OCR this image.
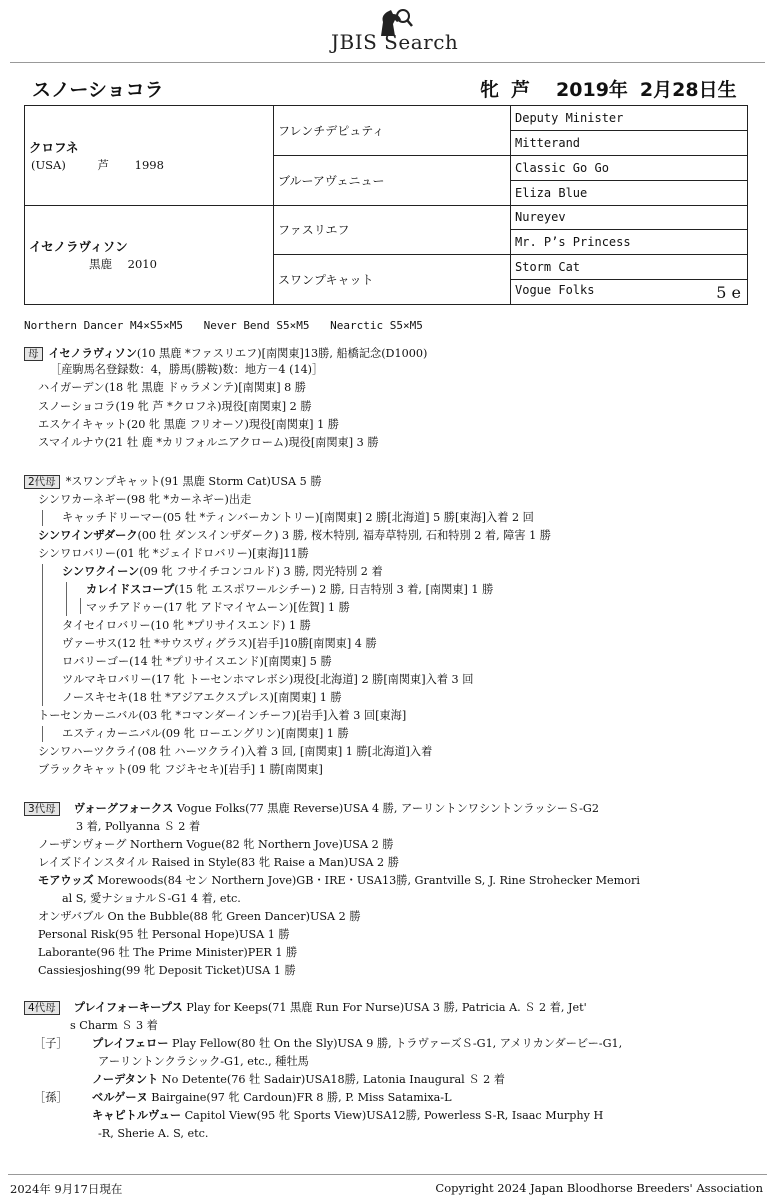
JBIS Search
スノーショコラ	牝 芦 2019年 2月28日生
クロフネ
(USA) 芦 1998	フレンチデピュティ	Deputy Minister
		Mitterand
	ブルーアヴェニュー	Classic Go Go
		Eliza Blue

イセノラヴィソン
黒鹿 2010	ファスリエフ	Nureyev
		Mr. P’s Princess
	スワンプキャット	Storm Cat
		Vogue Folks 5 e
Northern Dancer M4×S5×M5 Never Bend S5×M5 Nearctic S5×M5
母 イセノラヴィソン(10 黒鹿 *ファスリエフ)[南関東]13勝, 船橋記念(D1000)
［産駒馬名登録数：4，勝馬(勝鞍)数：地方－4 (14)］
ハイガーデン(18 牝 黒鹿 ドゥラメンテ)[南関東] 8 勝
スノーショコラ(19 牝 芦 *クロフネ)現役[南関東] 2 勝
エスケイキャット(20 牝 黒鹿 フリオーソ)現役[南関東] 1 勝
スマイルナウ(21 牡 鹿 *カリフォルニアクローム)現役[南関東] 3 勝
2代母 *スワンプキャット(91 黒鹿 Storm Cat)USA 5 勝
シンワカーネギー(98 牝 *カーネギー)出走
キャッチドリーマー(05 牡 *ティンバーカントリー)[南関東] 2 勝[北海道] 5 勝[東海]入着 2 回
シンワインザダーク(00 牡 ダンスインザダーク) 3 勝, 桜木特別, 福寿草特別, 石和特別 2 着, 障害 1 勝
シンワロバリー(01 牝 *ジェイドロバリー)[東海]11勝
シンワクイーン(09 牝 フサイチコンコルド) 3 勝, 閃光特別 2 着
カレイドスコープ(15 牝 エスポワールシチー) 2 勝, 日吉特別 3 着, [南関東] 1 勝
マッチアドゥー(17 牝 アドマイヤムーン)[佐賀] 1 勝
タイセイロバリー(10 牝 *プリサイスエンド) 1 勝
ヴァーサス(12 牡 *サウスヴィグラス)[岩手]10勝[南関東] 4 勝
ロバリーゴー(14 牡 *プリサイスエンド)[南関東] 5 勝
ツルマキロバリー(17 牝 トーセンホマレボシ)現役[北海道] 2 勝[南関東]入着 3 回
ノースキセキ(18 牡 *アジアエクスプレス)[南関東] 1 勝
トーセンカーニバル(03 牝 *コマンダーインチーフ)[岩手]入着 3 回[東海]
エスティカーニバル(09 牝 ローエングリン)[南関東] 1 勝
シンワハーツクライ(08 牡 ハーツクライ)入着 3 回, [南関東] 1 勝[北海道]入着
ブラックキャット(09 牝 フジキセキ)[岩手] 1 勝[南関東]
3代母 ヴォーグフォークス Vogue Folks(77 黒鹿 Reverse)USA 4 勝, アーリントンワシントンラッシーＳ-G2
3 着, Pollyanna Ｓ 2 着
ノーザンヴォーグ Northern Vogue(82 牝 Northern Jove)USA 2 勝
レイズドインスタイル Raised in Style(83 牝 Raise a Man)USA 2 勝
モアウッズ Morewoods(84 セン Northern Jove)GB・IRE・USA13勝, Grantville S, J. Rine Strohecker Memori
al S, 愛ナショナルＳ-G1 4 着, etc.
オンザバブル On the Bubble(88 牝 Green Dancer)USA 2 勝
Personal Risk(95 牡 Personal Hope)USA 1 勝
Laborante(96 牡 The Prime Minister)PER 1 勝
Cassiesjoshing(99 牝 Deposit Ticket)USA 1 勝
4代母 プレイフォーキープス Play for Keeps(71 黒鹿 Run For Nurse)USA 3 勝, Patricia A. Ｓ 2 着, Jet'
s Charm Ｓ 3 着
［子］ プレイフェロー Play Fellow(80 牡 On the Sly)USA 9 勝, トラヴァーズＳ-G1, アメリカンダービー-G1,
アーリントンクラシック-G1, etc., 種牡馬
ノーデタント No Detente(76 牡 Sadair)USA18勝, Latonia Inaugural Ｓ 2 着
［孫］ ベルゲーヌ Bairgaine(97 牝 Cardoun)FR 8 勝, P. Miss Satamixa-L
キャピトルヴュー Capitol View(95 牝 Sports View)USA12勝, Powerless S-R, Isaac Murphy H
-R, Sherie A. S, etc.
2024年 9月17日現在	Copyright 2024 Japan Bloodhorse Breeders' Association
